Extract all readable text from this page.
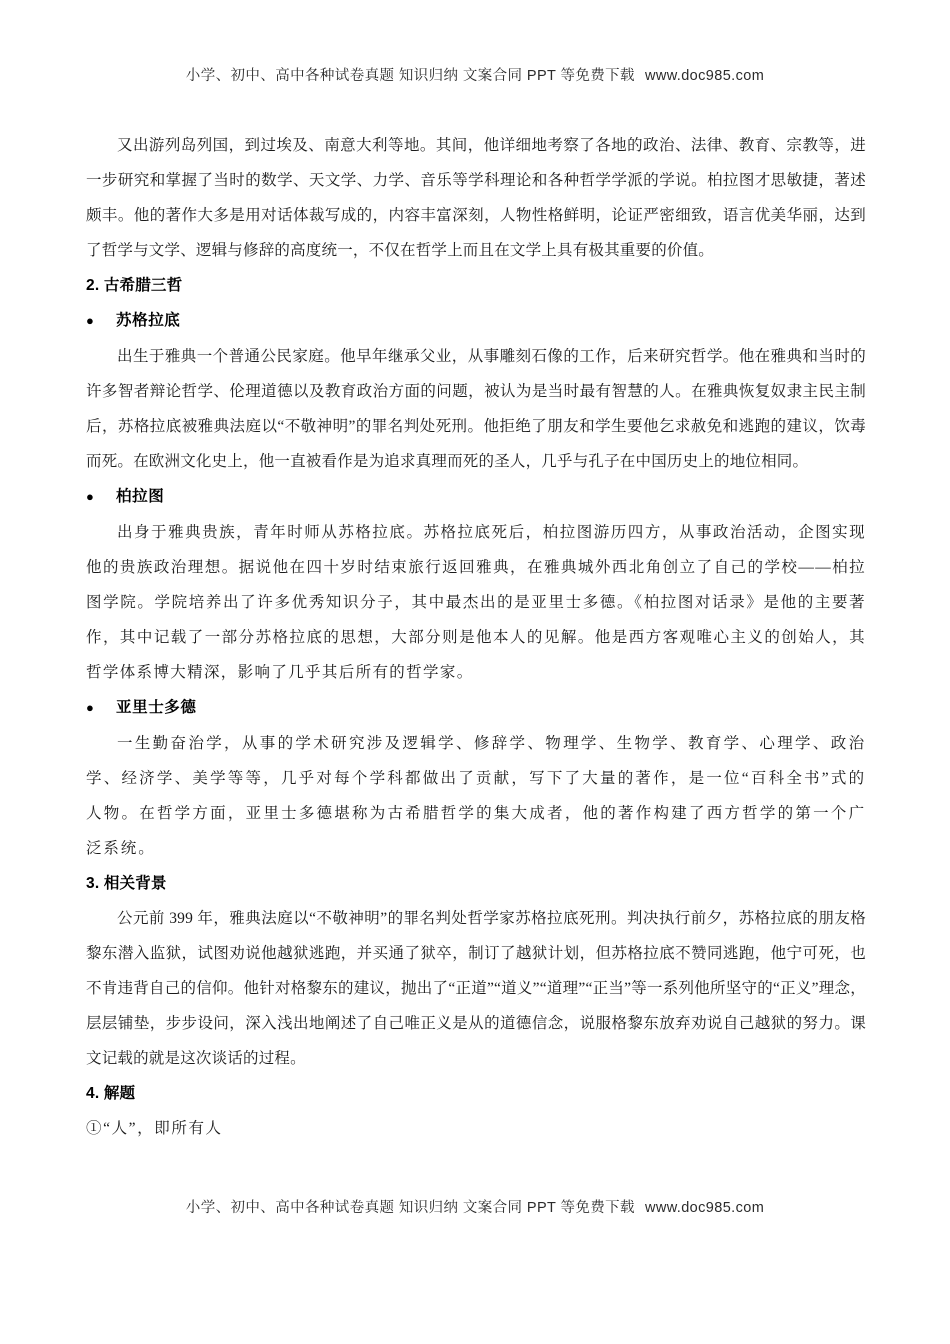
小学、初中、高中各种试卷真题 知识归纳 文案合同 PPT 等免费下载 www.doc985.com

又出游列岛列国，到过埃及、南意大利等地。其间，他详细地考察了各地的政治、法律、教育、宗教等，进一步研究和掌握了当时的数学、天文学、力学、音乐等学科理论和各种哲学学派的学说。柏拉图才思敏捷，著述颇丰。他的著作大多是用对话体裁写成的，内容丰富深刻，人物性格鲜明，论证严密细致，语言优美华丽，达到了哲学与文学、逻辑与修辞的高度统一，不仅在哲学上而且在文学上具有极其重要的价值。

2. 古希腊三哲
●
苏格拉底

出生于雅典一个普通公民家庭。他早年继承父业，从事雕刻石像的工作，后来研究哲学。他在雅典和当时的许多智者辩论哲学、伦理道德以及教育政治方面的问题，被认为是当时最有智慧的人。在雅典恢复奴隶主民主制后，苏格拉底被雅典法庭以“不敬神明”的罪名判处死刑。他拒绝了朋友和学生要他乞求赦免和逃跑的建议，饮毒而死。在欧洲文化史上，他一直被看作是为追求真理而死的圣人，几乎与孔子在中国历史上的地位相同。

●
柏拉图

出身于雅典贵族，青年时师从苏格拉底。苏格拉底死后，柏拉图游历四方，从事政治活动，企图实现他的贵族政治理想。据说他在四十岁时结束旅行返回雅典，在雅典城外西北角创立了自己的学校——柏拉图学院。学院培养出了许多优秀知识分子，其中最杰出的是亚里士多德。《柏拉图对话录》是他的主要著作，其中记载了一部分苏格拉底的思想，大部分则是他本人的见解。他是西方客观唯心主义的创始人，其哲学体系博大精深，影响了几乎其后所有的哲学家。

●
亚里士多德

一生勤奋治学，从事的学术研究涉及逻辑学、修辞学、物理学、生物学、教育学、心理学、政治学、经济学、美学等等，几乎对每个学科都做出了贡献，写下了大量的著作，是一位“百科全书”式的人物。在哲学方面，亚里士多德堪称为古希腊哲学的集大成者，他的著作构建了西方哲学的第一个广泛系统。

3. 相关背景

公元前 399 年，雅典法庭以“不敬神明”的罪名判处哲学家苏格拉底死刑。判决执行前夕，苏格拉底的朋友格黎东潜入监狱，试图劝说他越狱逃跑，并买通了狱卒，制订了越狱计划，但苏格拉底不赞同逃跑，他宁可死，也不肯违背自己的信仰。他针对格黎东的建议，抛出了“正道”“道义”“道理”“正当”等一系列他所坚守的“正义”理念，层层铺垫，步步设问，深入浅出地阐述了自己唯正义是从的道德信念，说服格黎东放弃劝说自己越狱的努力。课文记载的就是这次谈话的过程。

4. 解题

①“人”，即所有人

小学、初中、高中各种试卷真题 知识归纳 文案合同 PPT 等免费下载 www.doc985.com
